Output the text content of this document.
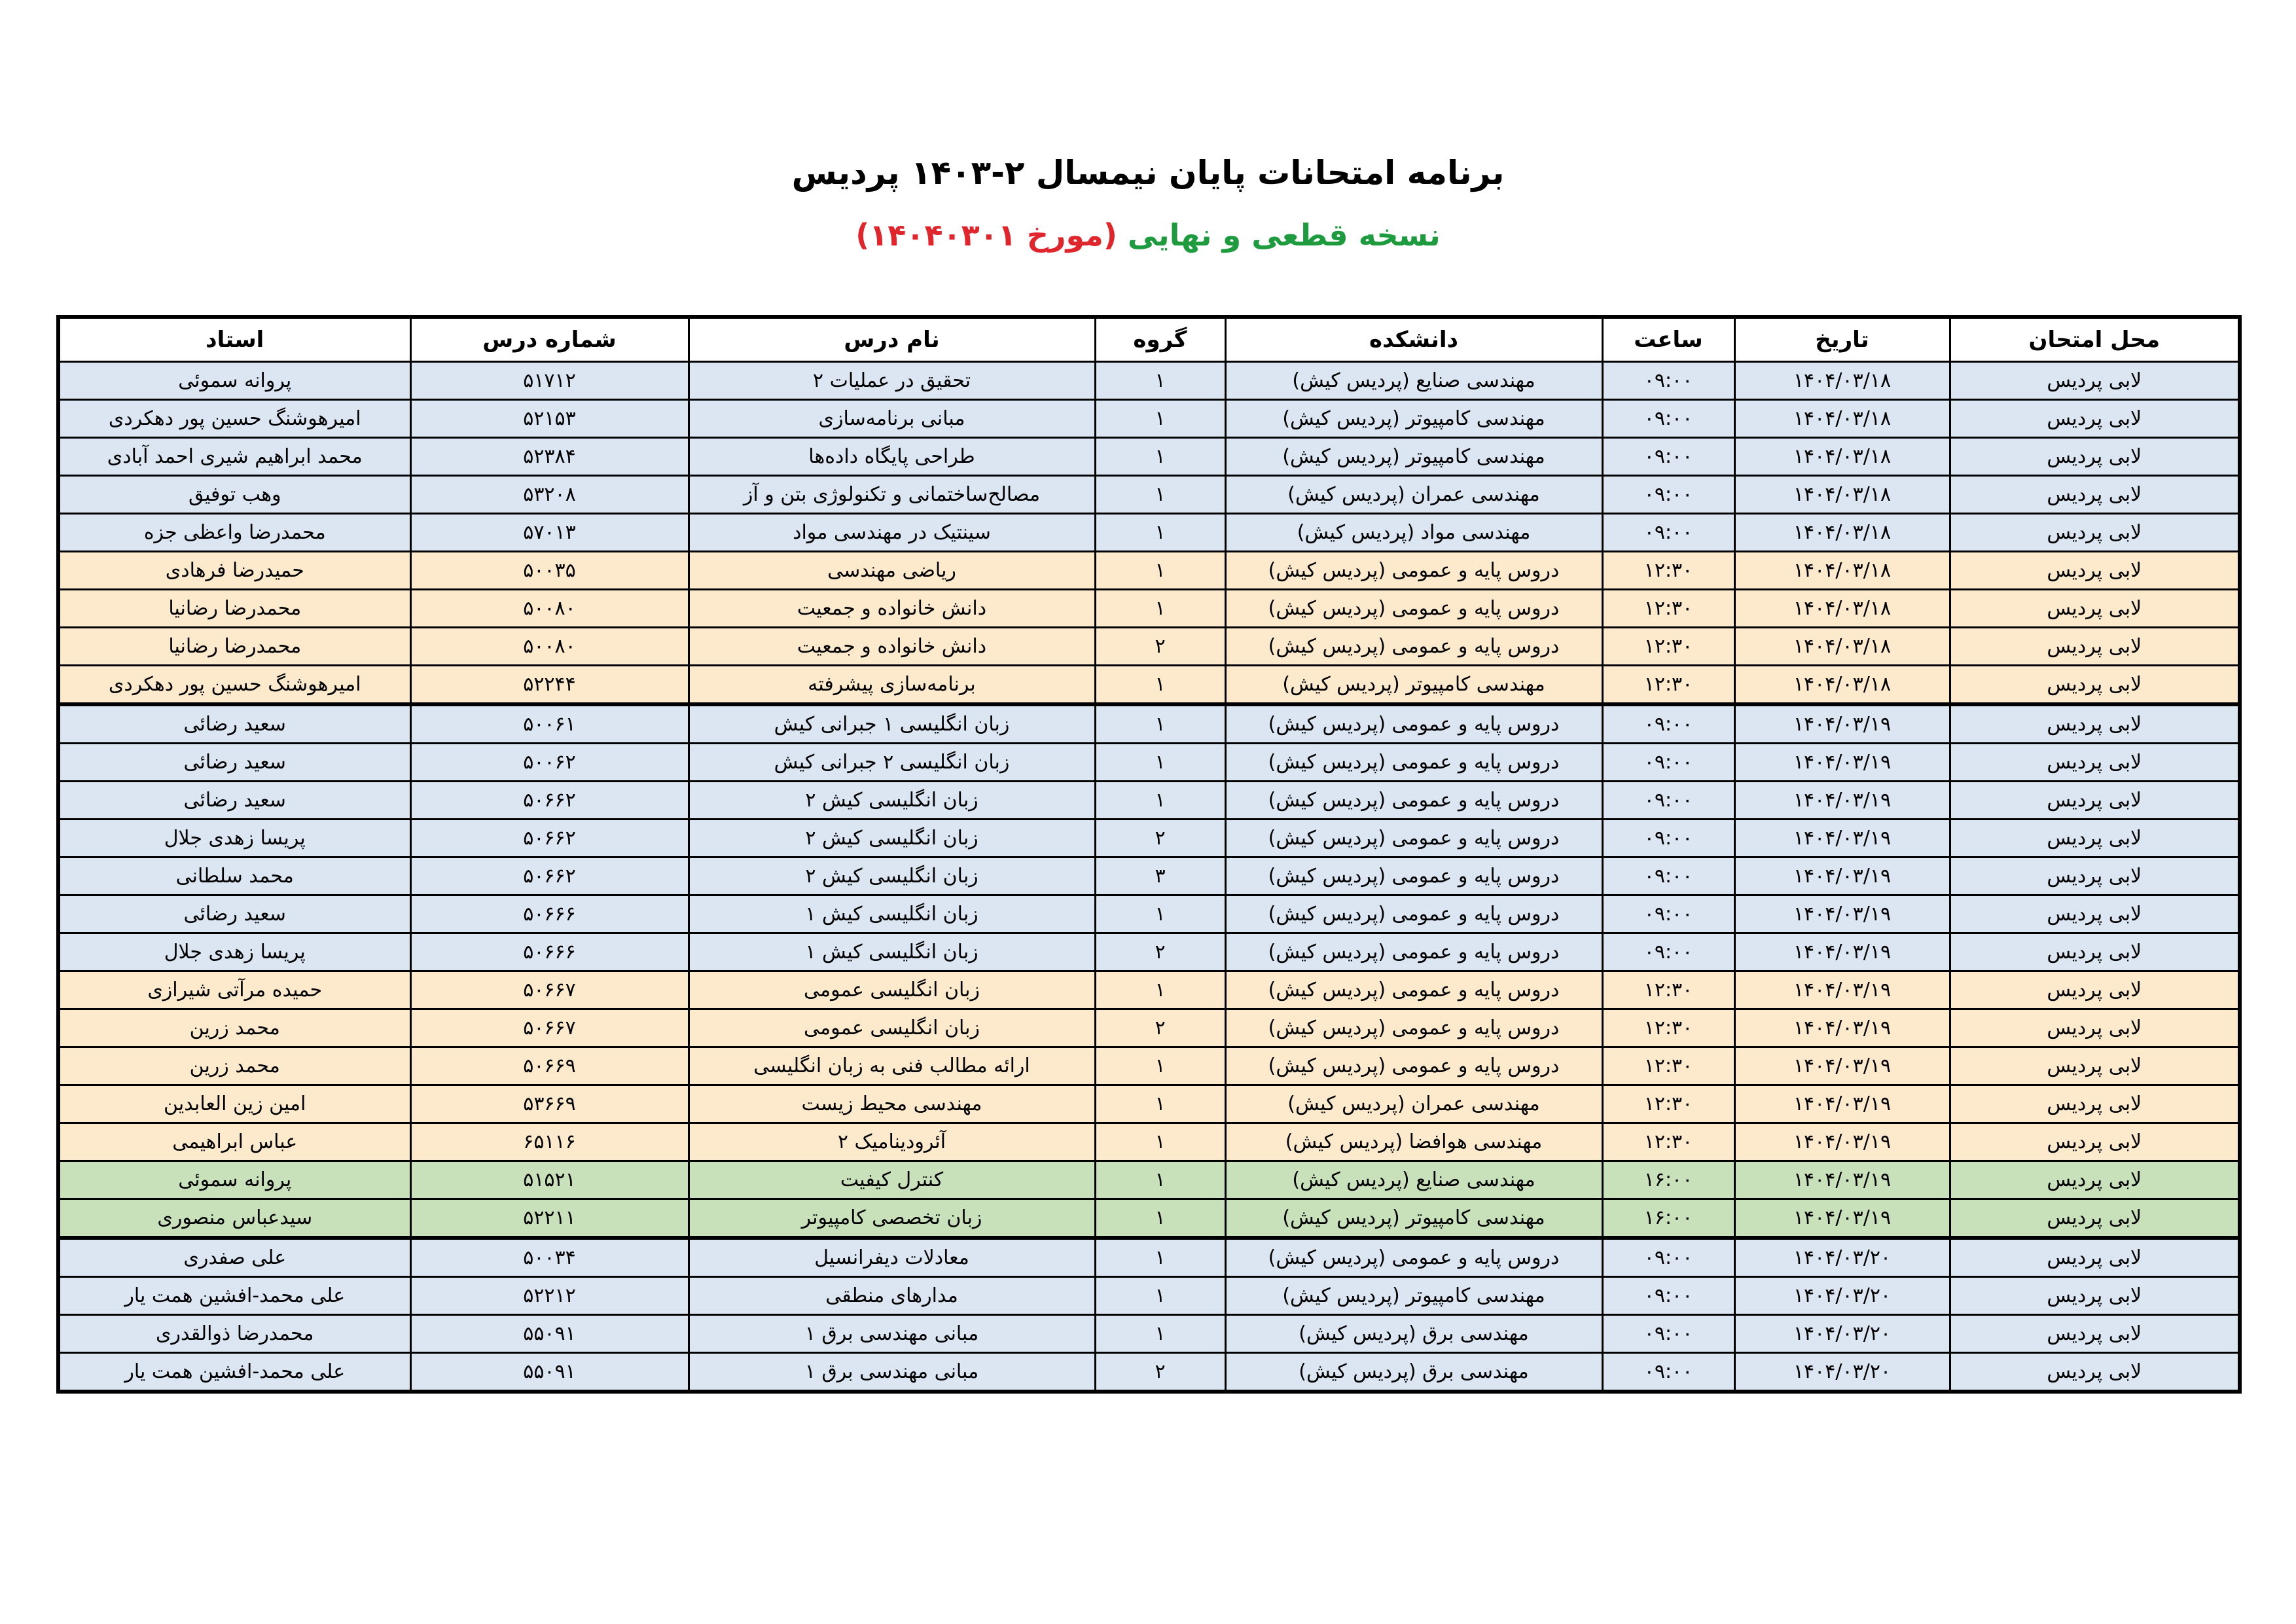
برنامه امتحانات پایان نیمسال ۲-۱۴۰۳ پردیس
نسخه قطعی و نهایی (مورخ ۱۴۰۴۰۳۰۱)
محل امتحان	تاریخ	ساعت	دانشکده	گروه	نام درس	شماره درس	استاد
لابی پردیس	۱۴۰۴/۰۳/۱۸	۰۹:۰۰	مهندسی صنایع (پردیس کیش)	۱	تحقیق در عملیات ۲	۵۱۷۱۲	پروانه سموئی
لابی پردیس	۱۴۰۴/۰۳/۱۸	۰۹:۰۰	مهندسی کامپیوتر (پردیس کیش)	۱	مبانی برنامه‌سازی	۵۲۱۵۳	امیرهوشنگ حسین پور دهکردی
لابی پردیس	۱۴۰۴/۰۳/۱۸	۰۹:۰۰	مهندسی کامپیوتر (پردیس کیش)	۱	طراحی پایگاه داده‌ها	۵۲۳۸۴	محمد ابراهیم شیری احمد آبادی
لابی پردیس	۱۴۰۴/۰۳/۱۸	۰۹:۰۰	مهندسی عمران (پردیس کیش)	۱	مصالح‌ساختمانی و تکنولوژی بتن و آز	۵۳۲۰۸	وهب توفیق
لابی پردیس	۱۴۰۴/۰۳/۱۸	۰۹:۰۰	مهندسی مواد (پردیس کیش)	۱	سینتیک در مهندسی مواد	۵۷۰۱۳	محمدرضا واعظی جزه
لابی پردیس	۱۴۰۴/۰۳/۱۸	۱۲:۳۰	دروس پایه و عمومی (پردیس کیش)	۱	ریاضی مهندسی	۵۰۰۳۵	حمیدرضا فرهادی
لابی پردیس	۱۴۰۴/۰۳/۱۸	۱۲:۳۰	دروس پایه و عمومی (پردیس کیش)	۱	دانش خانواده و جمعیت	۵۰۰۸۰	محمدرضا رضانیا
لابی پردیس	۱۴۰۴/۰۳/۱۸	۱۲:۳۰	دروس پایه و عمومی (پردیس کیش)	۲	دانش خانواده و جمعیت	۵۰۰۸۰	محمدرضا رضانیا
لابی پردیس	۱۴۰۴/۰۳/۱۸	۱۲:۳۰	مهندسی کامپیوتر (پردیس کیش)	۱	برنامه‌سازی پیشرفته	۵۲۲۴۴	امیرهوشنگ حسین پور دهکردی
لابی پردیس	۱۴۰۴/۰۳/۱۹	۰۹:۰۰	دروس پایه و عمومی (پردیس کیش)	۱	زبان انگلیسی ۱ جبرانی کیش	۵۰۰۶۱	سعید رضائی
لابی پردیس	۱۴۰۴/۰۳/۱۹	۰۹:۰۰	دروس پایه و عمومی (پردیس کیش)	۱	زبان انگلیسی ۲ جبرانی کیش	۵۰۰۶۲	سعید رضائی
لابی پردیس	۱۴۰۴/۰۳/۱۹	۰۹:۰۰	دروس پایه و عمومی (پردیس کیش)	۱	زبان انگلیسی کیش ۲	۵۰۶۶۲	سعید رضائی
لابی پردیس	۱۴۰۴/۰۳/۱۹	۰۹:۰۰	دروس پایه و عمومی (پردیس کیش)	۲	زبان انگلیسی کیش ۲	۵۰۶۶۲	پریسا زهدی جلال
لابی پردیس	۱۴۰۴/۰۳/۱۹	۰۹:۰۰	دروس پایه و عمومی (پردیس کیش)	۳	زبان انگلیسی کیش ۲	۵۰۶۶۲	محمد سلطانی
لابی پردیس	۱۴۰۴/۰۳/۱۹	۰۹:۰۰	دروس پایه و عمومی (پردیس کیش)	۱	زبان انگلیسی کیش ۱	۵۰۶۶۶	سعید رضائی
لابی پردیس	۱۴۰۴/۰۳/۱۹	۰۹:۰۰	دروس پایه و عمومی (پردیس کیش)	۲	زبان انگلیسی کیش ۱	۵۰۶۶۶	پریسا زهدی جلال
لابی پردیس	۱۴۰۴/۰۳/۱۹	۱۲:۳۰	دروس پایه و عمومی (پردیس کیش)	۱	زبان انگلیسی عمومی	۵۰۶۶۷	حمیده مرآتی شیرازی
لابی پردیس	۱۴۰۴/۰۳/۱۹	۱۲:۳۰	دروس پایه و عمومی (پردیس کیش)	۲	زبان انگلیسی عمومی	۵۰۶۶۷	محمد زرین
لابی پردیس	۱۴۰۴/۰۳/۱۹	۱۲:۳۰	دروس پایه و عمومی (پردیس کیش)	۱	ارائه مطالب فنی به زبان انگلیسی	۵۰۶۶۹	محمد زرین
لابی پردیس	۱۴۰۴/۰۳/۱۹	۱۲:۳۰	مهندسی عمران (پردیس کیش)	۱	مهندسی محیط زیست	۵۳۶۶۹	امین زین العابدین
لابی پردیس	۱۴۰۴/۰۳/۱۹	۱۲:۳۰	مهندسی هوافضا (پردیس کیش)	۱	آئرودینامیک ۲	۶۵۱۱۶	عباس ابراهیمی
لابی پردیس	۱۴۰۴/۰۳/۱۹	۱۶:۰۰	مهندسی صنایع (پردیس کیش)	۱	کنترل کیفیت	۵۱۵۲۱	پروانه سموئی
لابی پردیس	۱۴۰۴/۰۳/۱۹	۱۶:۰۰	مهندسی کامپیوتر (پردیس کیش)	۱	زبان تخصصی کامپیوتر	۵۲۲۱۱	سیدعباس منصوری
لابی پردیس	۱۴۰۴/۰۳/۲۰	۰۹:۰۰	دروس پایه و عمومی (پردیس کیش)	۱	معادلات دیفرانسیل	۵۰۰۳۴	علی صفدری
لابی پردیس	۱۴۰۴/۰۳/۲۰	۰۹:۰۰	مهندسی کامپیوتر (پردیس کیش)	۱	مدارهای منطقی	۵۲۲۱۲	علی محمد-افشین همت یار
لابی پردیس	۱۴۰۴/۰۳/۲۰	۰۹:۰۰	مهندسی برق (پردیس کیش)	۱	مبانی مهندسی برق ۱	۵۵۰۹۱	محمدرضا ذوالقدری
لابی پردیس	۱۴۰۴/۰۳/۲۰	۰۹:۰۰	مهندسی برق (پردیس کیش)	۲	مبانی مهندسی برق ۱	۵۵۰۹۱	علی محمد-افشین همت یار
